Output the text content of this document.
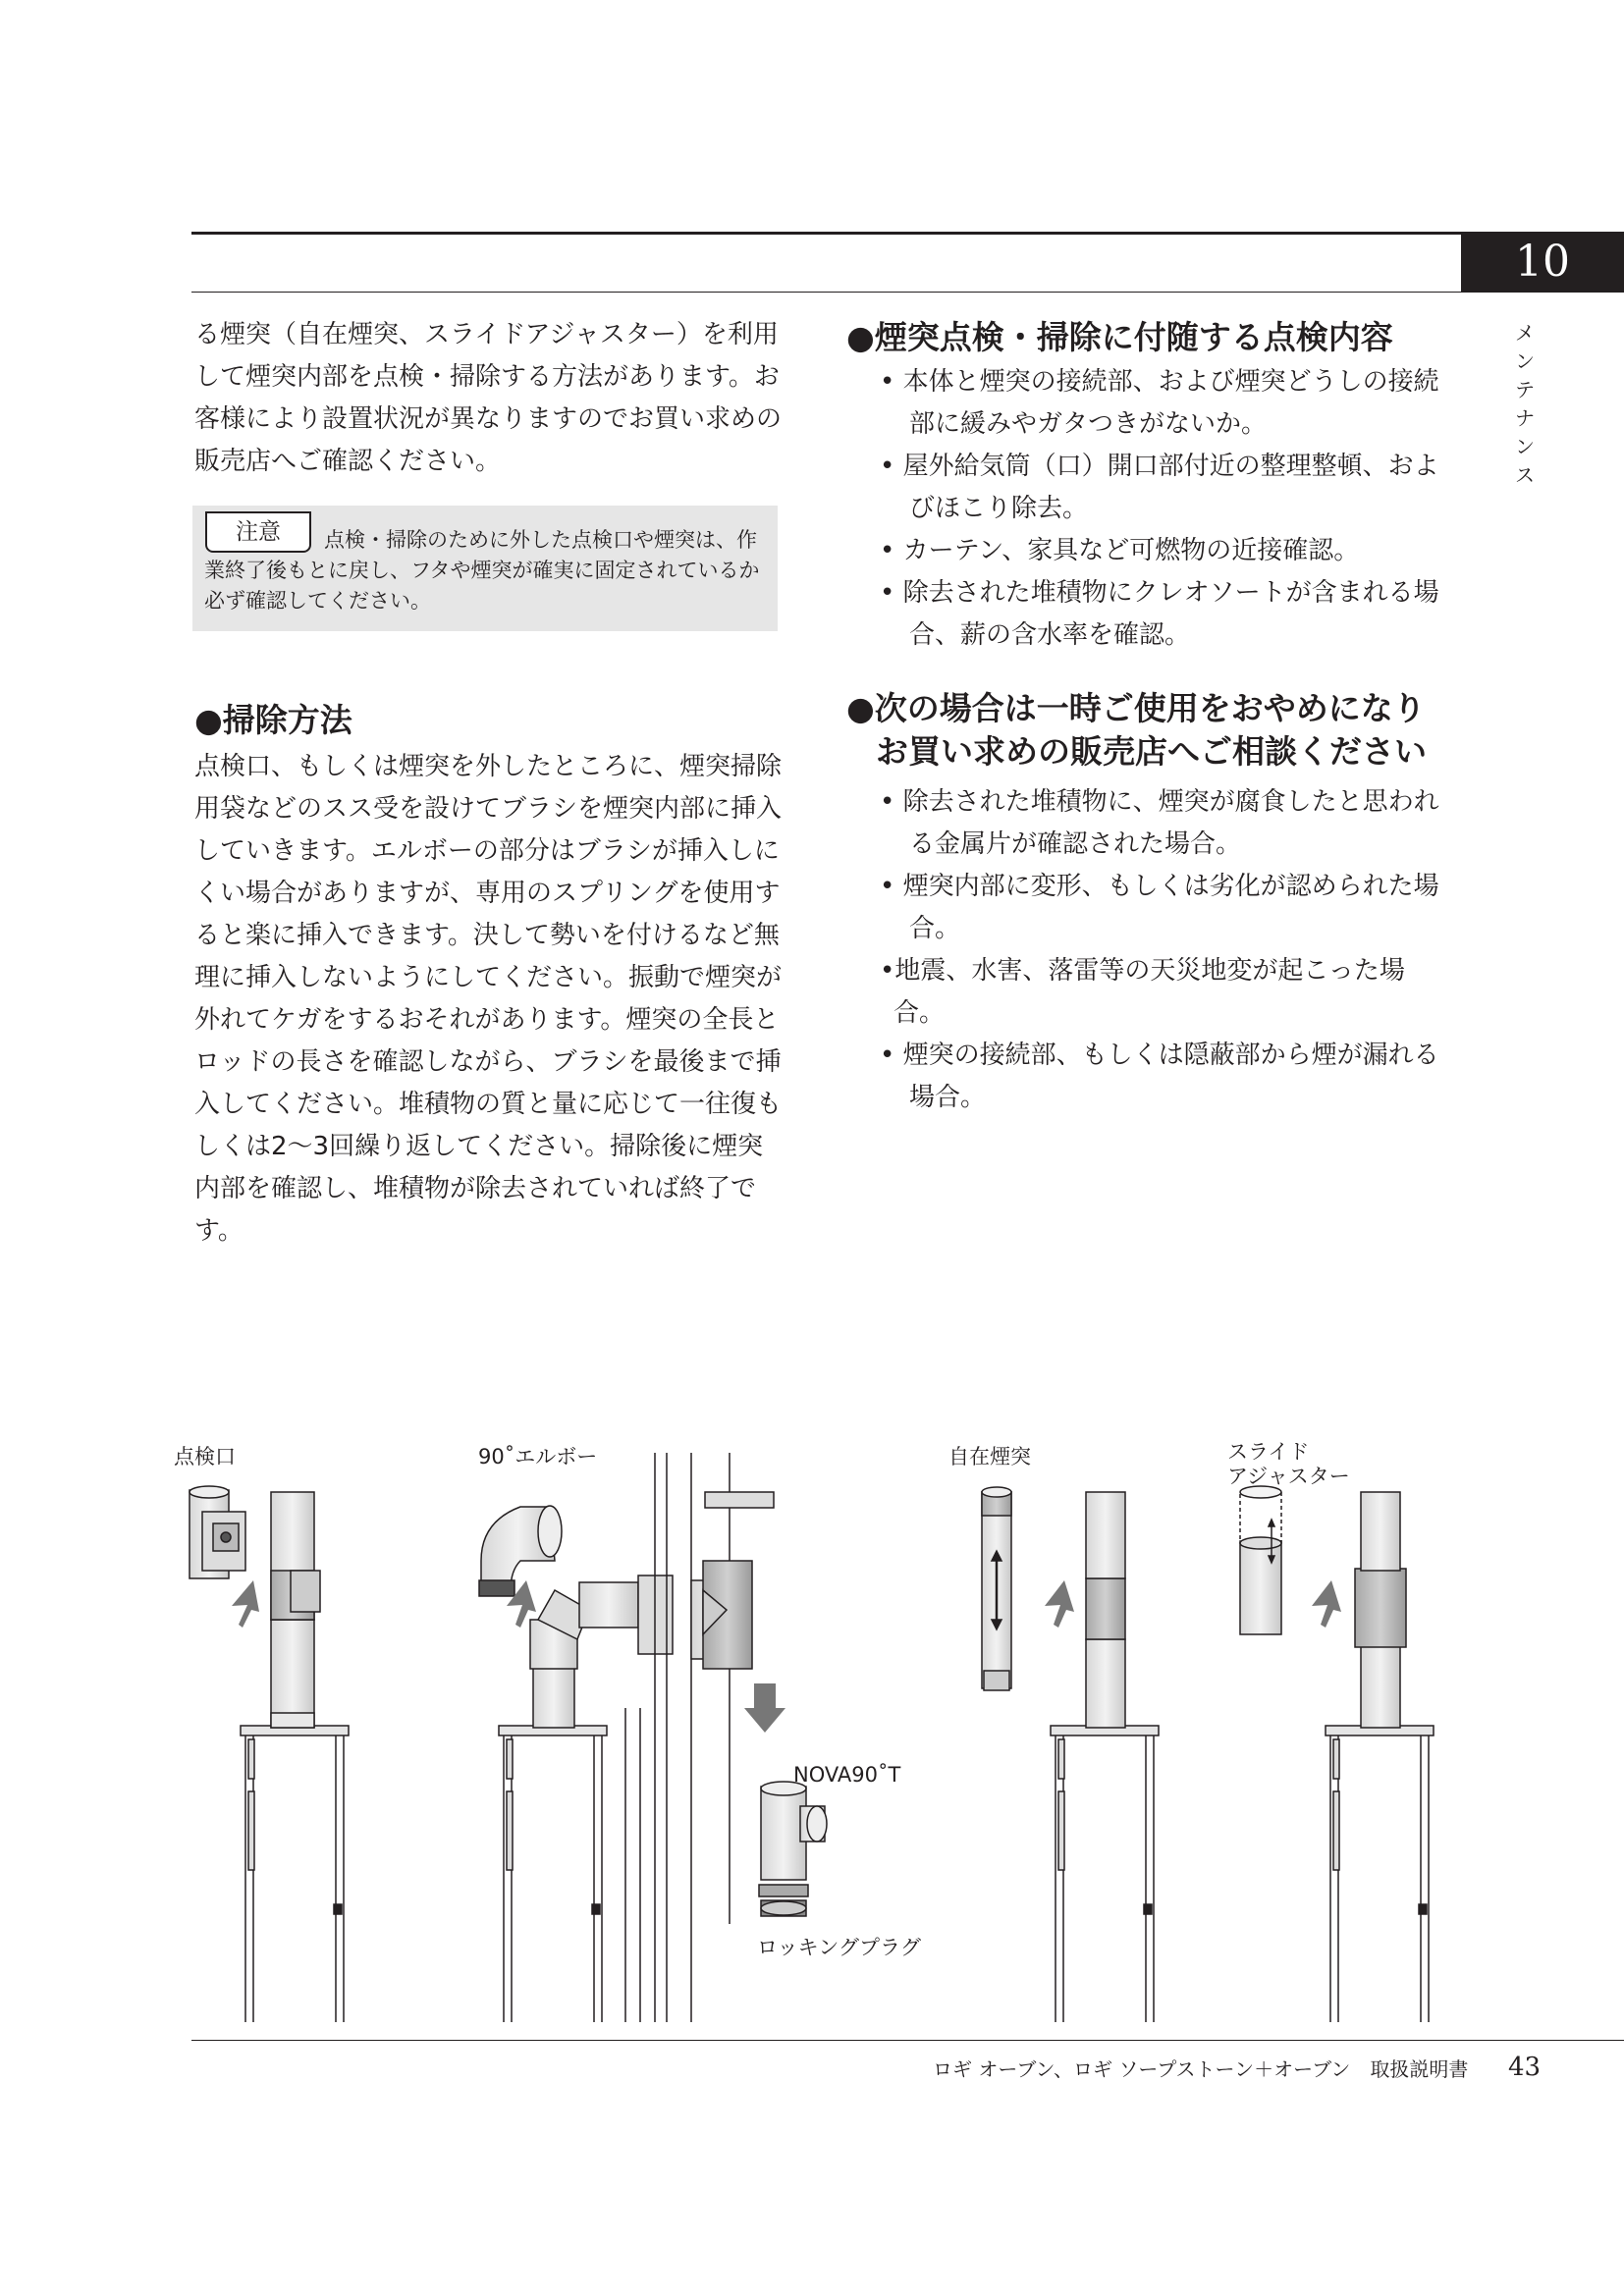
10
メ
ン
テ
ナ
ン
ス
る煙突（自在煙突、スライドアジャスター）を利用して煙突内部を点検・掃除する方法があります。お客様により設置状況が異なりますのでお買い求めの販売店へご確認ください。
点検・掃除のために外した点検口や煙突は、作業終了後もとに戻し、フタや煙突が確実に固定されているか必ず確認してください。
注意
●掃除方法
点検口、もしくは煙突を外したところに、煙突掃除用袋などのスス受を設けてブラシを煙突内部に挿入していきます。エルボーの部分はブラシが挿入しにくい場合がありますが、専用のスプリングを使用すると楽に挿入できます。決して勢いを付けるなど無理に挿入しないようにしてください。振動で煙突が外れてケガをするおそれがあります。煙突の全長とロッドの長さを確認しながら、ブラシを最後まで挿入してください。堆積物の質と量に応じて一往復もしくは2～3回繰り返してください。掃除後に煙突内部を確認し、堆積物が除去されていれば終了です。
●煙突点検・掃除に付随する点検内容
• 本体と煙突の接続部、および煙突どうしの接続部に緩みやガタつきがないか。
• 屋外給気筒（口）開口部付近の整理整頓、およびほこり除去。
• カーテン、家具など可燃物の近接確認。
• 除去された堆積物にクレオソートが含まれる場合、薪の含水率を確認。
●次の場合は一時ご使用をおやめになり
お買い求めの販売店へご相談ください
• 除去された堆積物に、煙突が腐食したと思われる金属片が確認された場合。
• 煙突内部に変形、もしくは劣化が認められた場合。
•地震、水害、落雷等の天災地変が起こった場合。
• 煙突の接続部、もしくは隠蔽部から煙が漏れる場合。
点検口	90˚エルボー
NOVA90˚T
ロッキングプラグ
自在煙突	スライド
アジャスター
ロギ オーブン、ロギ ソープストーン＋オーブン　取扱説明書 43
